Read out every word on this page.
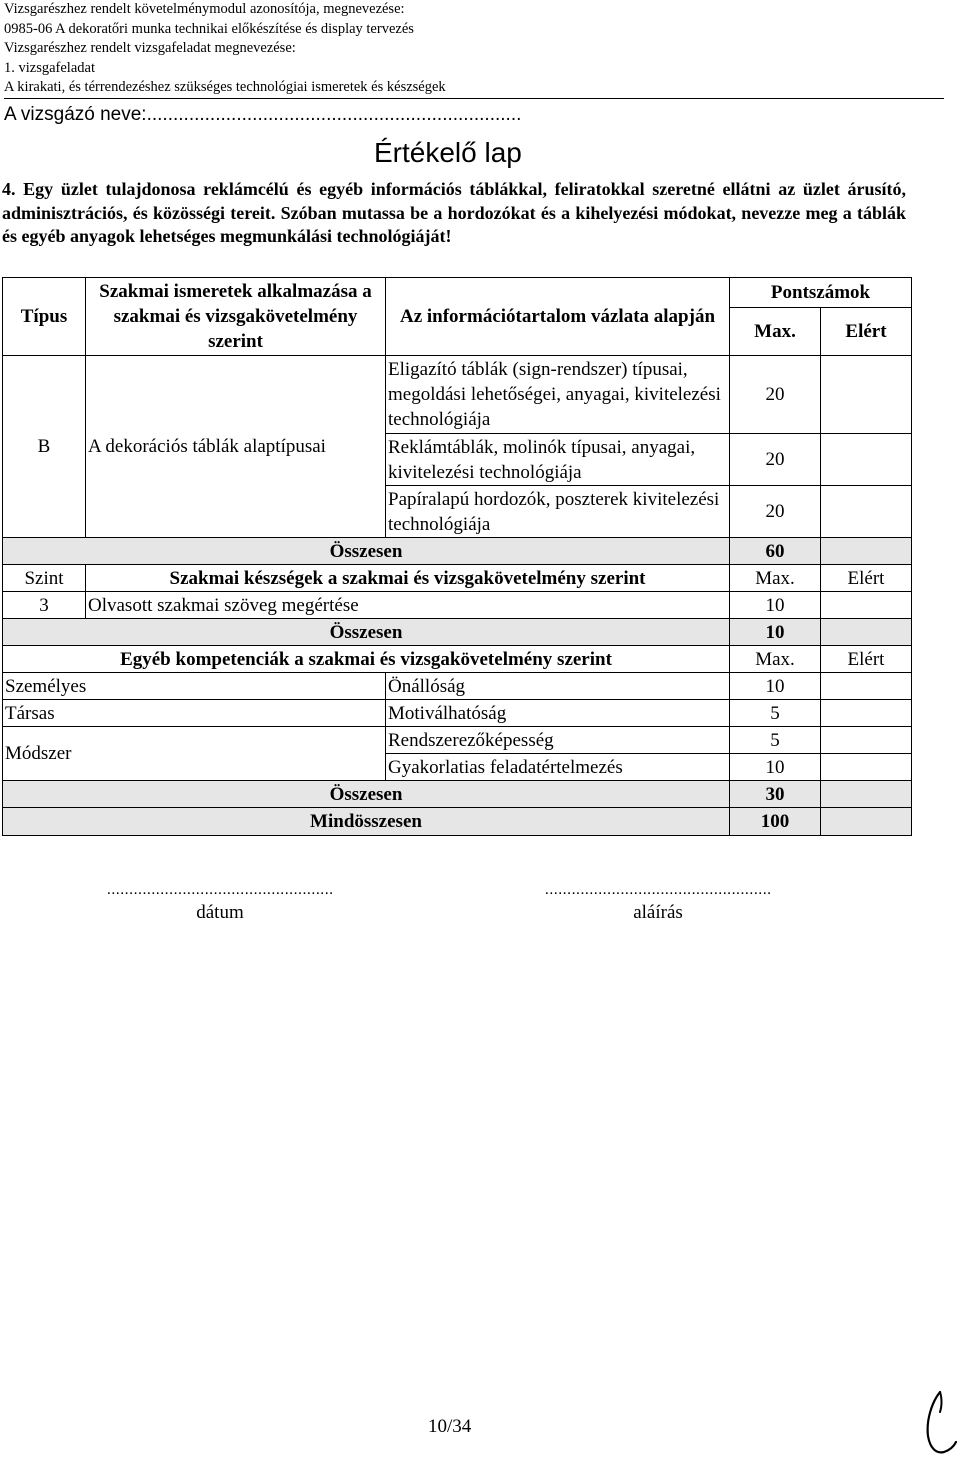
Vizsgarészhez rendelt követelménymodul azonosítója, megnevezése:
0985-06 A dekoratőri munka technikai előkészítése és display tervezés
Vizsgarészhez rendelt vizsgafeladat megnevezése:
1. vizsgafeladat
A kirakati, és térrendezéshez szükséges technológiai ismeretek és készségek
A vizsgázó neve:.......................................................................
Értékelő lap
4. Egy üzlet tulajdonosa reklámcélú és egyéb információs táblákkal, feliratokkal szeretné ellátni az üzlet árusító, adminisztrációs, és közösségi tereit. Szóban mutassa be a hordozókat és a kihelyezési módokat, nevezze meg a táblák és egyéb anyagok lehetséges megmunkálási technológiáját!
Típus	Szakmai ismeretek alkalmazása a szakmai és vizsgakövetelmény szerint	Az információtartalom vázlata alapján	Pontszámok	
			Max.	Elért
B	A dekorációs táblák alaptípusai	Eligazító táblák (sign-rendszer) típusai, megoldási lehetőségei, anyagai, kivitelezési technológiája	20	
		Reklámtáblák, molinók típusai, anyagai, kivitelezési technológiája	20	
		Papíralapú hordozók, poszterek kivitelezési technológiája	20	
Összesen			60	
Szint	Szakmai készségek a szakmai és vizsgakövetelmény szerint		Max.	Elért
3	Olvasott szakmai szöveg megértése		10	
Összesen			10	
Egyéb kompetenciák a szakmai és vizsgakövetelmény szerint			Max.	Elért
Személyes		Önállóság	10	
Társas		Motiválhatóság	5	
Módszer		Rendszerezőképesség	5	
		Gyakorlatias feladatértelmezés	10	
Összesen			30	
Mindösszesen			100	
...................................................
dátum
...................................................
aláírás
10/34
